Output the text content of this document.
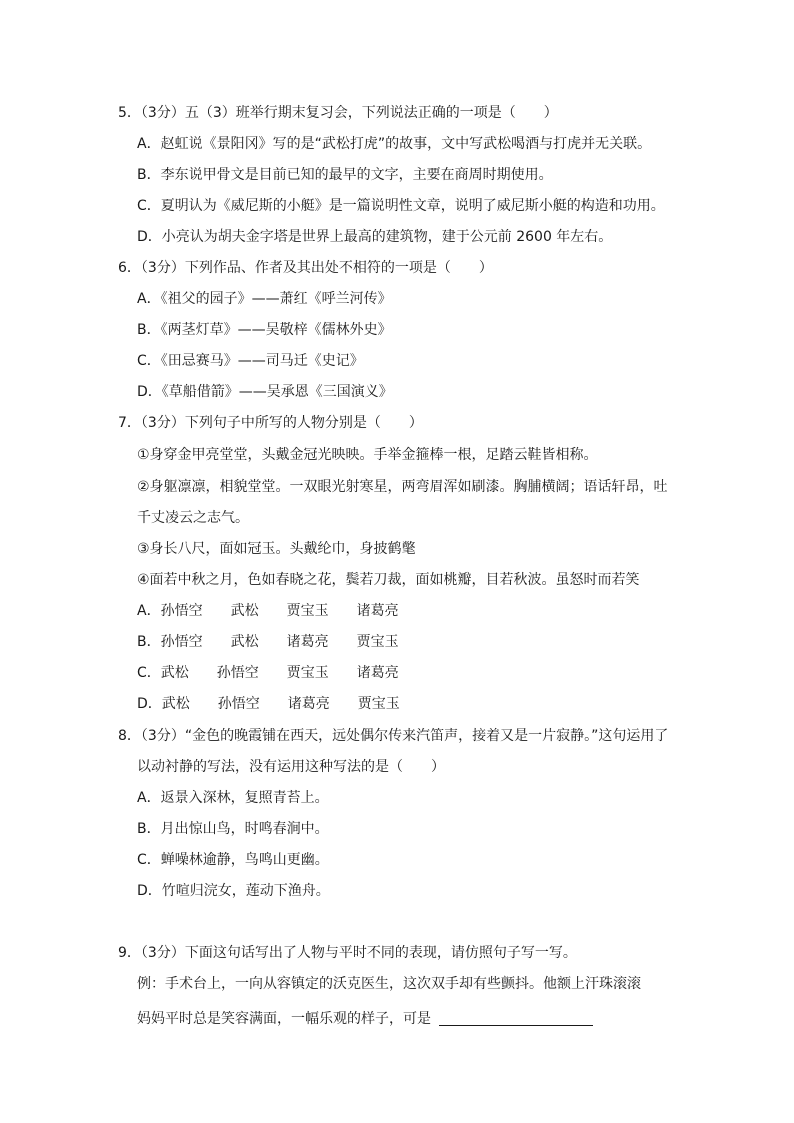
5．（3分）五（3）班举行期末复习会，下列说法正确的一项是（　　）
A．赵虹说《景阳冈》写的是“武松打虎”的故事，文中写武松喝酒与打虎并无关联。
B．李东说甲骨文是目前已知的最早的文字，主要在商周时期使用。
C．夏明认为《威尼斯的小艇》是一篇说明性文章，说明了威尼斯小艇的构造和功用。
D．小亮认为胡夫金字塔是世界上最高的建筑物，建于公元前 2600 年左右。
6．（3分）下列作品、作者及其出处不相符的一项是（　　）
A．《祖父的园子》——萧红《呼兰河传》
B．《两茎灯草》——吴敬梓《儒林外史》
C．《田忌赛马》——司马迁《史记》
D．《草船借箭》——吴承恩《三国演义》
7．（3分）下列句子中所写的人物分别是（　　）
①身穿金甲亮堂堂，头戴金冠光映映。手举金箍棒一根，足踏云鞋皆相称。
②身躯凛凛，相貌堂堂。一双眼光射寒星，两弯眉浑如刷漆。胸脯横阔；语话轩昂，吐
千丈凌云之志气。
③身长八尺，面如冠玉。头戴纶巾，身披鹤氅
④面若中秋之月，色如春晓之花，鬓若刀裁，面如桃瓣，目若秋波。虽怒时而若笑
A．孙悟空　　武松　　贾宝玉　　诸葛亮
B．孙悟空　　武松　　诸葛亮　　贾宝玉
C．武松　　孙悟空　　贾宝玉　　诸葛亮
D．武松　　孙悟空　　诸葛亮　　贾宝玉
8．（3分）“金色的晚霞铺在西天，远处偶尔传来汽笛声，接着又是一片寂静。”这句运用了
以动衬静的写法，没有运用这种写法的是（　　）
A．返景入深林，复照青苔上。
B．月出惊山鸟，时鸣春涧中。
C．蝉噪林逾静，鸟鸣山更幽。
D．竹喧归浣女，莲动下渔舟。
9．（3分）下面这句话写出了人物与平时不同的表现，请仿照句子写一写。
例：手术台上，一向从容镇定的沃克医生，这次双手却有些颤抖。他额上汗珠滚滚
妈妈平时总是笑容满面，一幅乐观的样子，可是
